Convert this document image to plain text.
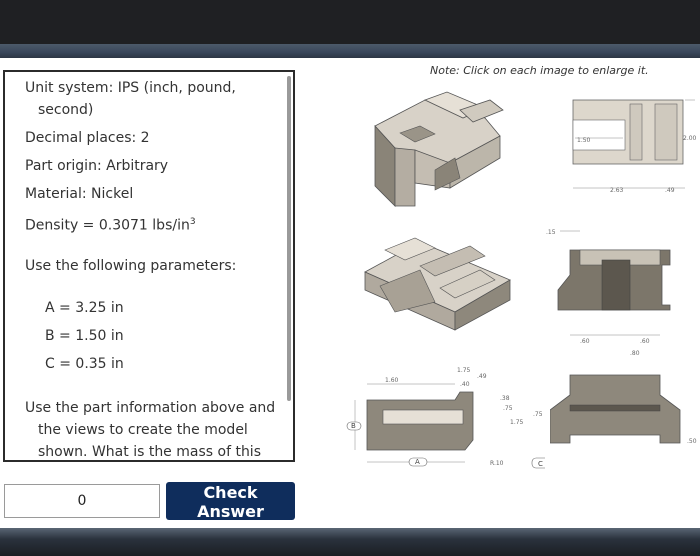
Unit system: IPS (inch, pound,
second)
Decimal places: 2
Part origin: Arbitrary
Material: Nickel
Density = 0.3071 lbs/$in^3$
Use the following parameters:
A = 3.25 in
B = 1.50 in
C = 0.35 in
Use the part information above and
the views to create the model
shown. What is the mass of this
0
Check Answer
Note: Click on each image to enlarge it.
1.50	2.00
2.63	.49
.15
.60	.60
.80
1.60
1.75
.40
.49
.38
.75
1.75
.75
R.10
B
A	C
.50
